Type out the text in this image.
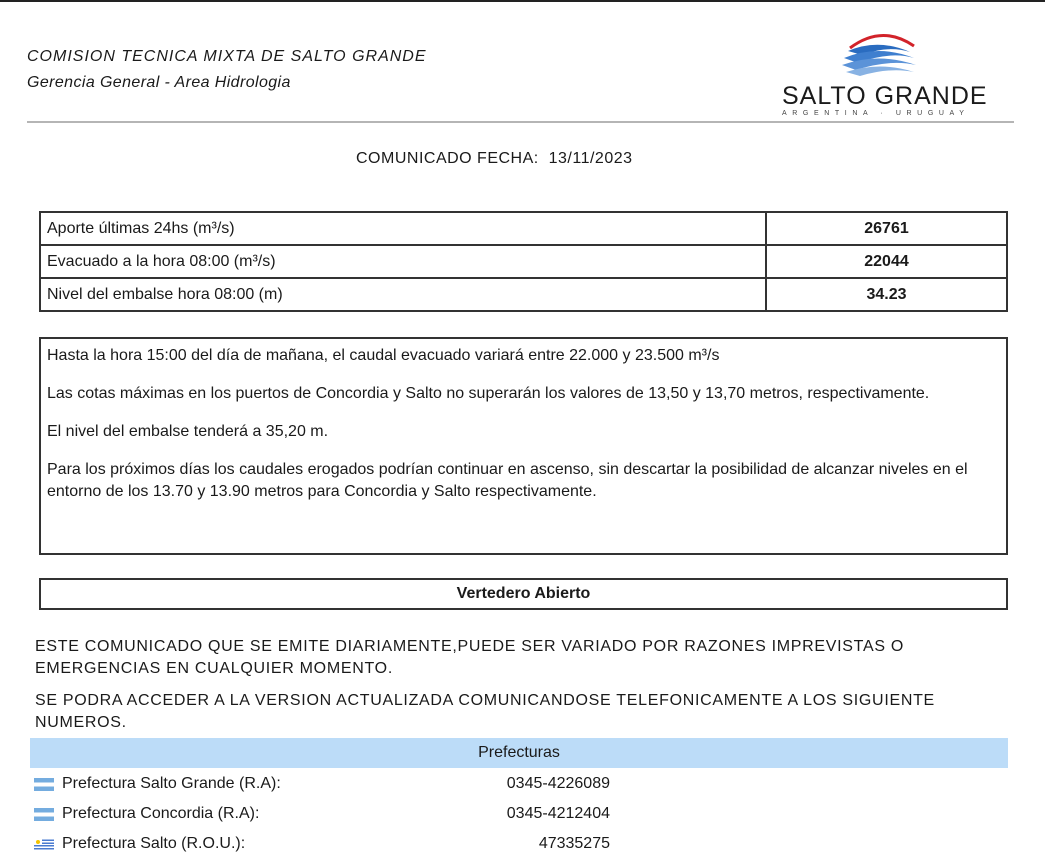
COMISION TECNICA MIXTA DE SALTO GRANDE
Gerencia General - Area Hidrologia	SALTO GRANDE
ARGENTINA · URUGUAY
COMUNICADO FECHA: 13/11/2023
Aporte últimas 24hs (m³/s)	26761
Evacuado a la hora 08:00 (m³/s)	22044
Nivel del embalse hora 08:00 (m)	34.23

Hasta la hora 15:00 del día de mañana, el caudal evacuado variará entre 22.000 y 23.500 m³/s

Las cotas máximas en los puertos de Concordia y Salto no superarán los valores de 13,50 y 13,70 metros, respectivamente.

El nivel del embalse tenderá a 35,20 m.

Para los próximos días los caudales erogados podrían continuar en ascenso, sin descartar la posibilidad de alcanzar niveles en el entorno de los 13.70 y 13.90 metros para Concordia y Salto respectivamente.

Vertedero Abierto
ESTE COMUNICADO QUE SE EMITE DIARIAMENTE,PUEDE SER VARIADO POR RAZONES IMPREVISTAS O EMERGENCIAS EN CUALQUIER MOMENTO.
SE PODRA ACCEDER A LA VERSION ACTUALIZADA COMUNICANDOSE TELEFONICAMENTE A LOS SIGUIENTE NUMEROS.
Prefecturas
Prefectura Salto Grande (R.A):	0345-4226089
Prefectura Concordia (R.A):	0345-4212404
Prefectura Salto (R.O.U.):	47335275
